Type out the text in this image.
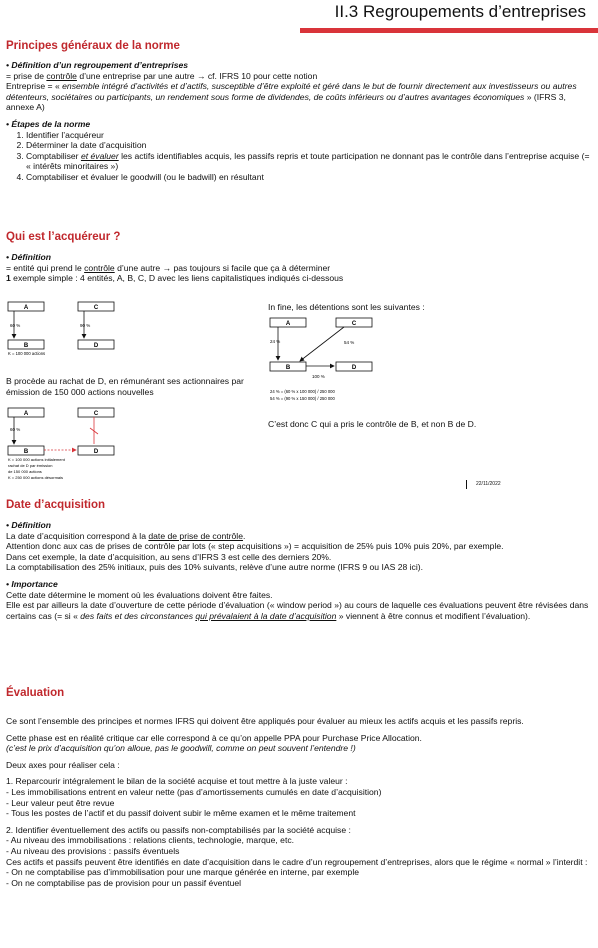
II.3 Regroupements d’entreprises
Principes généraux de la norme

• Définition d’un regroupement d’entreprises

= prise de contrôle d’une entreprise par une autre → cf. IFRS 10 pour cette notion

Entreprise = « ensemble intégré d’activités et d’actifs, susceptible d’être exploité et géré dans le but de fournir directement aux investisseurs ou autres détenteurs, sociétaires ou participants, un rendement sous forme de dividendes, de coûts inférieurs ou d’autres avantages économiques » (IFRS 3, annexe A)

• Étapes de la norme

1. Identifier l’acquéreur
2. Déterminer la date d’acquisition
3. Comptabiliser et évaluer les actifs identifiables acquis, les passifs repris et toute participation ne donnant pas le contrôle dans l’entreprise acquise (= « intérêts minoritaires »)
4. Comptabiliser et évaluer le goodwill (ou le badwill) en résultant
Qui est l’acquéreur ?

• Définition

= entité qui prend le contrôle d’une autre → pas toujours si facile que ça à déterminer

1 exemple simple : 4 entités, A, B, C, D avec les liens capitalistiques indiqués ci-dessous

A	C
60 %	90 %
B	D
K = 100 000 actions
In fine, les détentions sont les suivantes :
A	C
24 %	54 %
B
100 %
D
24 % = (60 % x 100 000) / 250 000
54 % = (90 % x 150 000) / 250 000
B procède au rachat de D, en rémunérant ses actionnaires par émission de 150 000 actions nouvelles
A	C
60 %
B	D
K = 100 000 actions initialement
rachat de D par émission
de 150 000 actions
K = 250 000 actions désormais
C’est donc C qui a pris le contrôle de B, et non B de D.
22/11/2022
Date d’acquisition

• Définition

La date d’acquisition correspond à la date de prise de contrôle.

Attention donc aux cas de prises de contrôle par lots (« step acquisitions ») = acquisition de 25% puis 10% puis 20%, par exemple.

Dans cet exemple, la date d’acquisition, au sens d’IFRS 3 est celle des derniers 20%.

La comptabilisation des 25% initiaux, puis des 10% suivants, relève d’une autre norme (IFRS 9 ou IAS 28 ici).

• Importance

Cette date détermine le moment où les évaluations doivent être faites.

Elle est par ailleurs la date d’ouverture de cette période d’évaluation (« window period ») au cours de laquelle ces évaluations peuvent être révisées dans certains cas (= si « des faits et des circonstances qui prévalaient à la date d’acquisition » viennent à être connus et modifient l’évaluation).

Évaluation

Ce sont l’ensemble des principes et normes IFRS qui doivent être appliqués pour évaluer au mieux les actifs acquis et les passifs repris.

Cette phase est en réalité critique car elle correspond à ce qu’on appelle PPA pour Purchase Price Allocation.

(c’est le prix d’acquisition qu’on alloue, pas le goodwill, comme on peut souvent l’entendre !)

Deux axes pour réaliser cela :

1. Reparcourir intégralement le bilan de la société acquise et tout mettre à la juste valeur :

- Les immobilisations entrent en valeur nette (pas d’amortissements cumulés en date d’acquisition)

- Leur valeur peut être revue

- Tous les postes de l’actif et du passif doivent subir le même examen et le même traitement

2. Identifier éventuellement des actifs ou passifs non-comptabilisés par la société acquise :

- Au niveau des immobilisations : relations clients, technologie, marque, etc.

- Au niveau des provisions : passifs éventuels

Ces actifs et passifs peuvent être identifiés en date d’acquisition dans le cadre d’un regroupement d’entreprises, alors que le régime « normal » l’interdit :

- On ne comptabilise pas d’immobilisation pour une marque générée en interne, par exemple

- On ne comptabilise pas de provision pour un passif éventuel
